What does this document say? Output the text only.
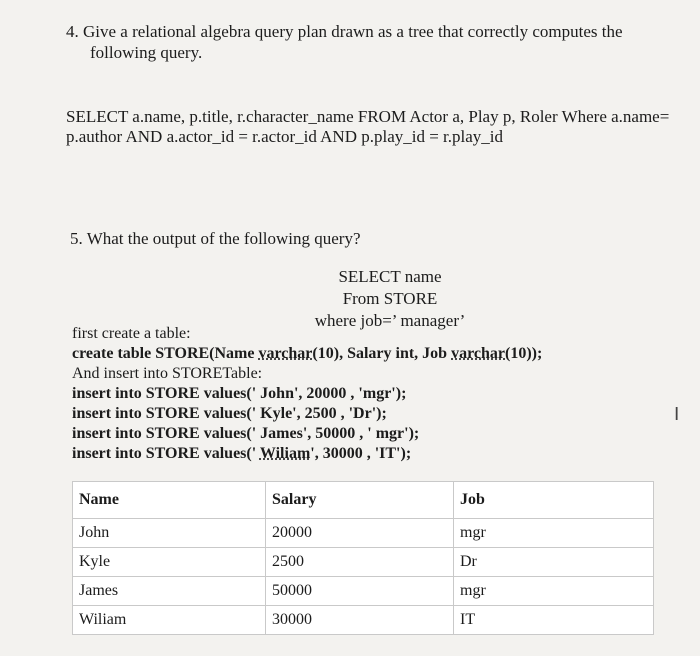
4. Give a relational algebra query plan drawn as a tree that correctly computes the
following query.
SELECT a.name, p.title, r.character_name FROM Actor a, Play p, Roler Where a.name=
p.author AND a.actor_id = r.actor_id AND p.play_id = r.play_id
5. What the output of the following query?
SELECT name
From STORE
where job=’ manager’
first create a table:
create table STORE(Name varchar(10), Salary int, Job varchar(10));
And insert into STORETable:
insert into STORE values(' John', 20000 , 'mgr');
insert into STORE values(' Kyle', 2500 , 'Dr');
insert into STORE values(' James', 50000 , ' mgr');
insert into STORE values(' Wiliam', 30000 , 'IT');
I
Name	Salary	Job
John	20000	mgr
Kyle	2500	Dr
James	50000	mgr
Wiliam	30000	IT
